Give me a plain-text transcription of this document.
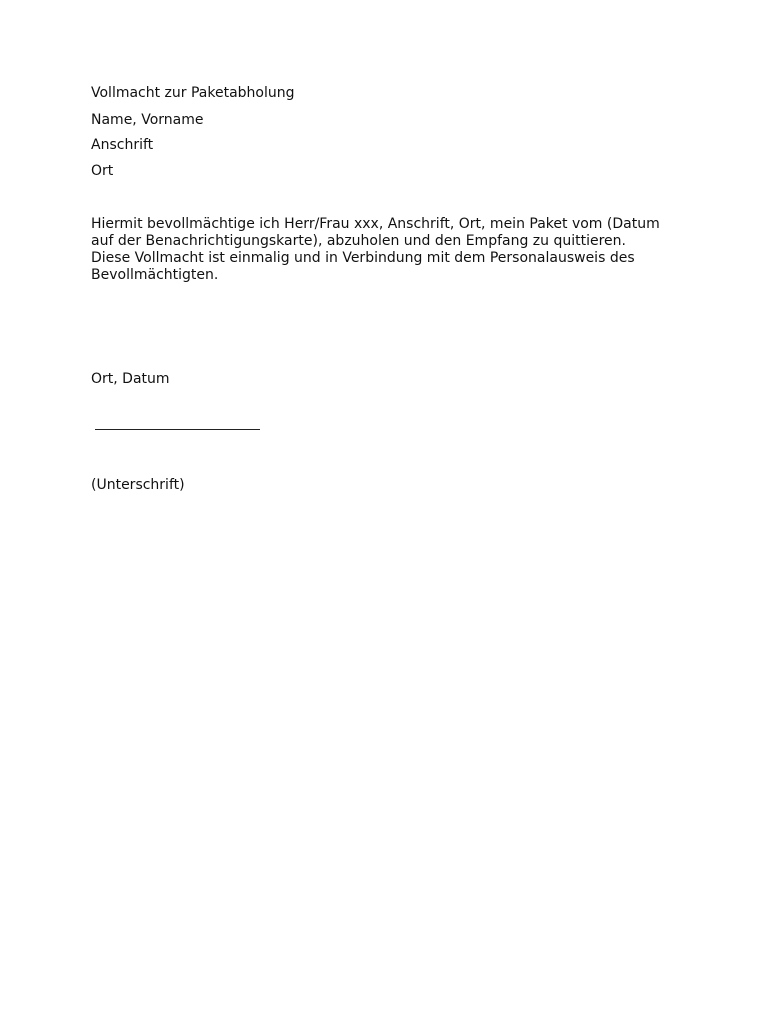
Vollmacht zur Paketabholung
Name, Vorname
Anschrift
Ort
Hiermit bevollmächtige ich Herr/Frau xxx, Anschrift, Ort, mein Paket vom (Datum
auf der Benachrichtigungskarte), abzuholen und den Empfang zu quittieren.
Diese Vollmacht ist einmalig und in Verbindung mit dem Personalausweis des
Bevollmächtigten.
Ort, Datum
(Unterschrift)
